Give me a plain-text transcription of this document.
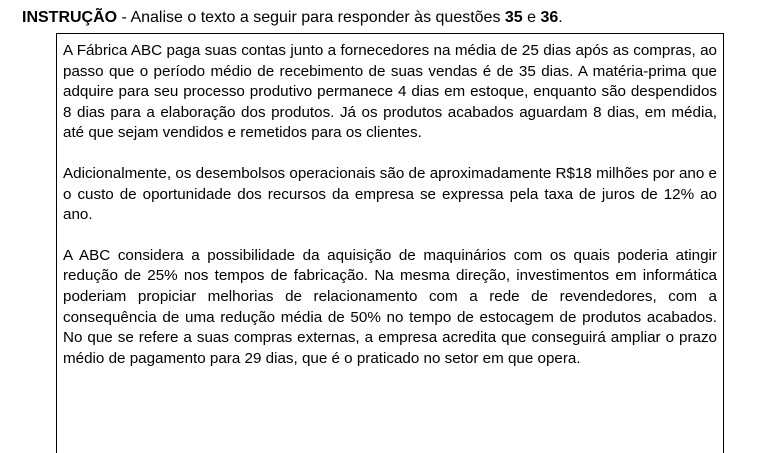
INSTRUÇÃO - Analise o texto a seguir para responder às questões 35 e 36.

A Fábrica ABC paga suas contas junto a fornecedores na média de 25 dias após as compras, ao passo que o período médio de recebimento de suas vendas é de 35 dias. A matéria-prima que adquire para seu processo produtivo permanece 4 dias em estoque, enquanto são despendidos 8 dias para a elaboração dos produtos. Já os produtos acabados aguardam 8 dias, em média, até que sejam vendidos e remetidos para os clientes.

Adicionalmente, os desembolsos operacionais são de aproximadamente R$18 milhões por ano e o custo de oportunidade dos recursos da empresa se expressa pela taxa de juros de 12% ao ano.

A ABC considera a possibilidade da aquisição de maquinários com os quais poderia atingir redução de 25% nos tempos de fabricação. Na mesma direção, investimentos em informática poderiam propiciar melhorias de relacionamento com a rede de revendedores, com a consequência de uma redução média de 50% no tempo de estocagem de produtos acabados. No que se refere a suas compras externas, a empresa acredita que conseguirá ampliar o prazo médio de pagamento para 29 dias, que é o praticado no setor em que opera.
